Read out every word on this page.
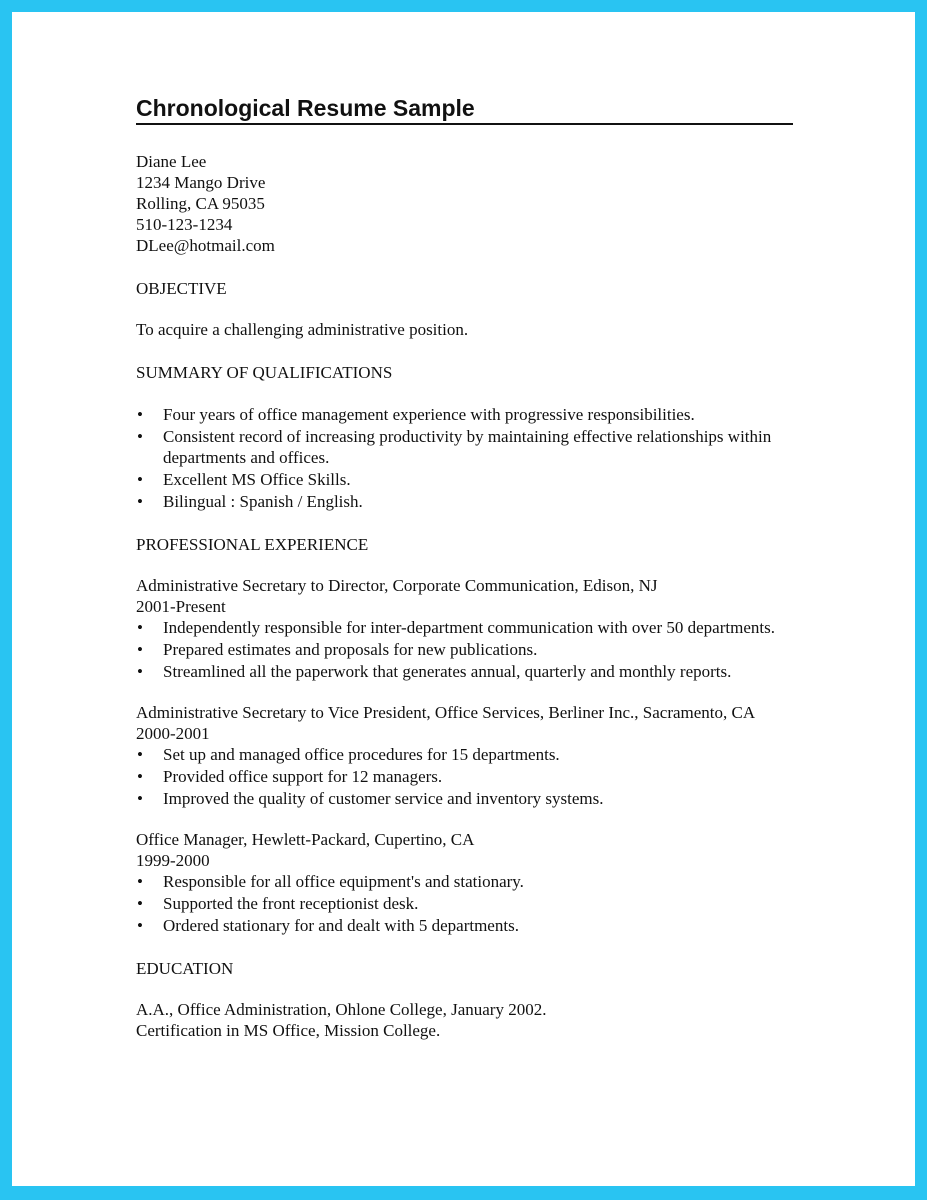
Chronological Resume Sample
Diane Lee
1234 Mango Drive
Rolling, CA 95035
510-123-1234
DLee@hotmail.com
OBJECTIVE
To acquire a challenging administrative position.
SUMMARY OF QUALIFICATIONS
• Four years of office management experience with progressive responsibilities.
• Consistent record of increasing productivity by maintaining effective relationships within departments and offices.
• Excellent MS Office Skills.
• Bilingual : Spanish / English.
PROFESSIONAL EXPERIENCE
Administrative Secretary to Director, Corporate Communication, Edison, NJ
2001-Present
• Independently responsible for inter-department communication with over 50 departments.
• Prepared estimates and proposals for new publications.
• Streamlined all the paperwork that generates annual, quarterly and monthly reports.
Administrative Secretary to Vice President, Office Services, Berliner Inc., Sacramento, CA 2000-2001
• Set up and managed office procedures for 15 departments.
• Provided office support for 12 managers.
• Improved the quality of customer service and inventory systems.
Office Manager, Hewlett-Packard, Cupertino, CA
1999-2000
• Responsible for all office equipment's and stationary.
• Supported the front receptionist desk.
• Ordered stationary for and dealt with 5 departments.
EDUCATION
A.A., Office Administration, Ohlone College, January 2002.
Certification in MS Office, Mission College.
